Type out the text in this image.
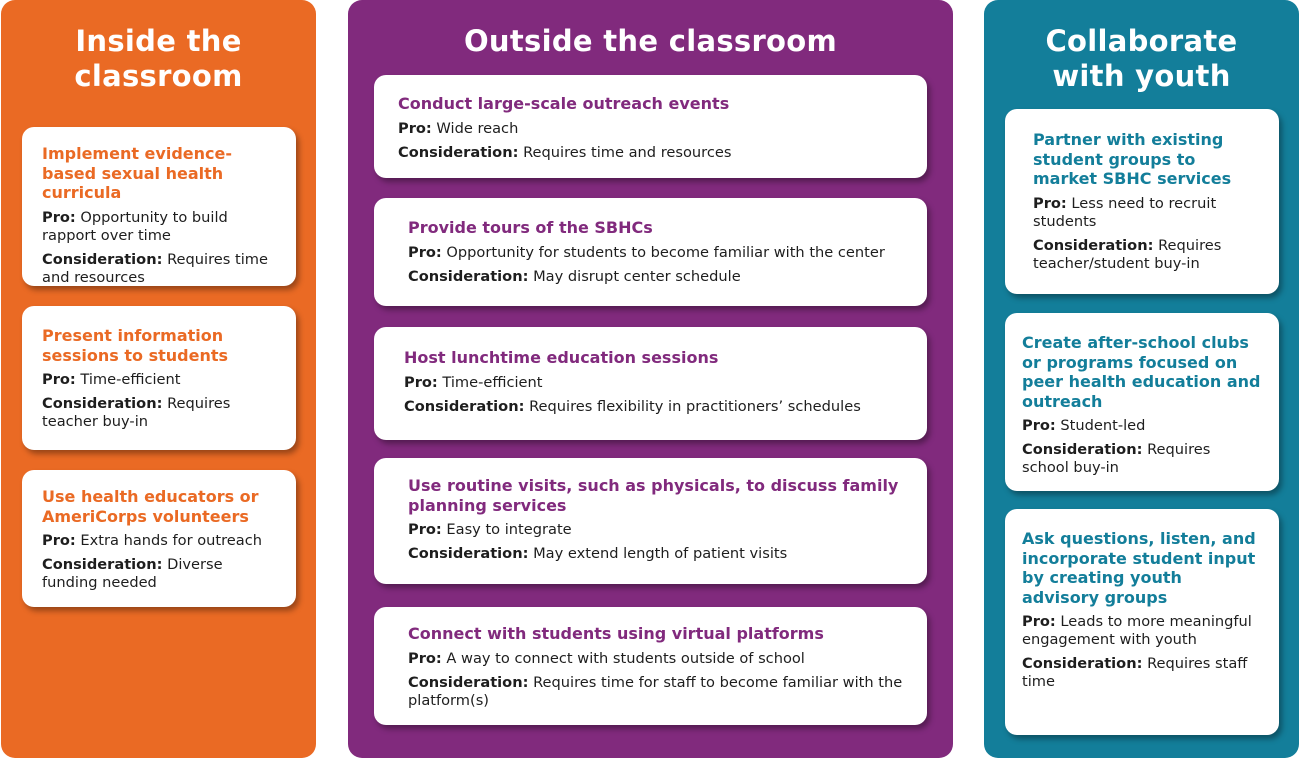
Inside the
classroom
Implement evidence-based sexual health curricula
Pro: Opportunity to build rapport over time
Consideration: Requires time and resources
Present information sessions to students
Pro: Time-efficient
Consideration: Requires teacher buy-in
Use health educators or AmeriCorps volunteers
Pro: Extra hands for outreach
Consideration: Diverse funding needed
Outside the classroom
Conduct large-scale outreach events
Pro: Wide reach
Consideration: Requires time and resources
Provide tours of the SBHCs
Pro: Opportunity for students to become familiar with the center
Consideration: May disrupt center schedule
Host lunchtime education sessions
Pro: Time-efficient
Consideration: Requires flexibility in practitioners’ schedules
Use routine visits, such as physicals, to discuss family planning services
Pro: Easy to integrate
Consideration: May extend length of patient visits
Connect with students using virtual platforms
Pro: A way to connect with students outside of school
Consideration: Requires time for staff to become familiar with the platform(s)
Collaborate
with youth
Partner with existing student groups to market SBHC services
Pro: Less need to recruit students
Consideration: Requires teacher/student buy-in
Create after-school clubs or programs focused on peer health education and outreach
Pro: Student-led
Consideration: Requires school buy-in
Ask questions, listen, and incorporate student input by creating youth advisory groups
Pro: Leads to more meaningful engagement with youth
Consideration: Requires staff time
